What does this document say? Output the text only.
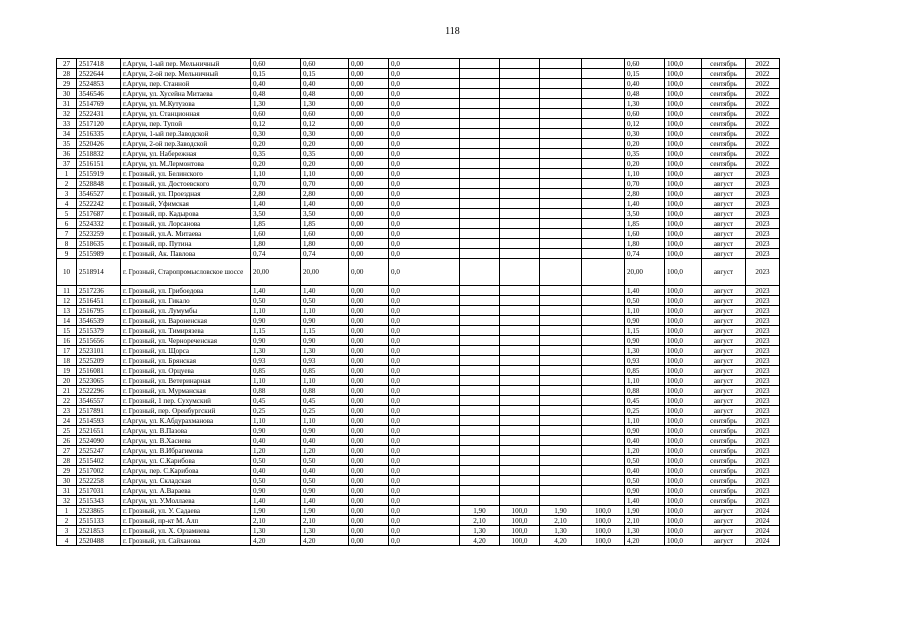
118
27	2517418	г.Аргун, 1-ый пер. Мельничный	0,60	0,60	0,00	0,0					0,60	100,0	сентябрь	2022
28	2522644	г.Аргун, 2-ой пер. Мельничный	0,15	0,15	0,00	0,0					0,15	100,0	сентябрь	2022
29	2524853	г.Аргун, пер. Станной	0,40	0,40	0,00	0,0					0,40	100,0	сентябрь	2022
30	3546546	г.Аргун, ул. Хусейна Митаева	0,48	0,48	0,00	0,0					0,48	100,0	сентябрь	2022
31	2514769	г.Аргун, ул. М.Кутузова	1,30	1,30	0,00	0,0					1,30	100,0	сентябрь	2022
32	2522431	г.Аргун, ул. Станционная	0,60	0,60	0,00	0,0					0,60	100,0	сентябрь	2022
33	2517120	г.Аргун, пер. Тупой	0,12	0,12	0,00	0,0					0,12	100,0	сентябрь	2022
34	2516335	г.Аргун, 1-ый пер.Заводской	0,30	0,30	0,00	0,0					0,30	100,0	сентябрь	2022
35	2520426	г.Аргун, 2-ой пер.Заводской	0,20	0,20	0,00	0,0					0,20	100,0	сентябрь	2022
36	2518832	г.Аргун, ул. Набережная	0,35	0,35	0,00	0,0					0,35	100,0	сентябрь	2022
37	2516151	г.Аргун, ул. М.Лермонтова	0,20	0,20	0,00	0,0					0,20	100,0	сентябрь	2022
1	2515919	г. Грозный, ул. Белинского	1,10	1,10	0,00	0,0					1,10	100,0	август	2023
2	2528848	г. Грозный, ул. Достоевского	0,70	0,70	0,00	0,0					0,70	100,0	август	2023
3	3546527	г. Грозный, ул. Проездная	2,80	2,80	0,00	0,0					2,80	100,0	август	2023
4	2522242	г. Грозный, Уфимская	1,40	1,40	0,00	0,0					1,40	100,0	август	2023
5	2517687	г. Грозный, пр. Кадырова	3,50	3,50	0,00	0,0					3,50	100,0	август	2023
6	2524332	г. Грозный, ул. Лорсанова	1,85	1,85	0,00	0,0					1,85	100,0	август	2023
7	2523259	г. Грозный, ул.А. Митаева	1,60	1,60	0,00	0,0					1,60	100,0	август	2023
8	2518635	г. Грозный, пр. Путина	1,80	1,80	0,00	0,0					1,80	100,0	август	2023
9	2515989	г. Грозный, Ак. Павлова	0,74	0,74	0,00	0,0					0,74	100,0	август	2023
10	2518914	г. Грозный, Старопромысловское шоссе	20,00	20,00	0,00	0,0					20,00	100,0	август	2023
11	2517236	г. Грозный, ул. Грибоедова	1,40	1,40	0,00	0,0					1,40	100,0	август	2023
12	2516451	г. Грозный, ул. Гикало	0,50	0,50	0,00	0,0					0,50	100,0	август	2023
13	2516795	г. Грозный, ул. Лумумбы	1,10	1,10	0,00	0,0					1,10	100,0	август	2023
14	3546539	г. Грозный, ул. Вароненская	0,90	0,90	0,00	0,0					0,90	100,0	август	2023
15	2515379	г. Грозный, ул. Тимирязева	1,15	1,15	0,00	0,0					1,15	100,0	август	2023
16	2515656	г. Грозный, ул. Чернореченская	0,90	0,90	0,00	0,0					0,90	100,0	август	2023
17	2523101	г. Грозный, ул. Щорса	1,30	1,30	0,00	0,0					1,30	100,0	август	2023
18	2525209	г. Грозный, ул. Брянская	0,93	0,93	0,00	0,0					0,93	100,0	август	2023
19	2516081	г. Грозный, ул. Орцуева	0,85	0,85	0,00	0,0					0,85	100,0	август	2023
20	2523065	г. Грозный, ул. Ветеринарная	1,10	1,10	0,00	0,0					1,10	100,0	август	2023
21	2522296	г. Грозный, ул. Мурманская	0,88	0,88	0,00	0,0					0,88	100,0	август	2023
22	3546557	г. Грозный, 1 пер. Сухумский	0,45	0,45	0,00	0,0					0,45	100,0	август	2023
23	2517891	г. Грозный, пер. Оренбургский	0,25	0,25	0,00	0,0					0,25	100,0	август	2023
24	2514593	г.Аргун, ул. К.Абдурахманова	1,10	1,10	0,00	0,0					1,10	100,0	сентябрь	2023
25	2521651	г.Аргун, ул. В.Пазова	0,90	0,90	0,00	0,0					0,90	100,0	сентябрь	2023
26	2524090	г.Аргун, ул. В.Хасиева	0,40	0,40	0,00	0,0					0,40	100,0	сентябрь	2023
27	2525247	г.Аргун, ул. В.Ибрагимова	1,20	1,20	0,00	0,0					1,20	100,0	сентябрь	2023
28	2515402	г.Аргун, ул. С.Карибова	0,50	0,50	0,00	0,0					0,50	100,0	сентябрь	2023
29	2517002	г.Аргун, пер. С.Карибова	0,40	0,40	0,00	0,0					0,40	100,0	сентябрь	2023
30	2522258	г.Аргун, ул. Складская	0,50	0,50	0,00	0,0					0,50	100,0	сентябрь	2023
31	2517031	г.Аргун, ул. А.Вараева	0,90	0,90	0,00	0,0					0,90	100,0	сентябрь	2023
32	2515343	г.Аргун, ул. У.Моллаева	1,40	1,40	0,00	0,0					1,40	100,0	сентябрь	2023
1	2523865	г. Грозный, ул. У. Садаева	1,90	1,90	0,00	0,0	1,90	100,0	1,90	100,0	1,90	100,0	август	2024
2	2515133	г. Грозный, пр-кт М. Алп	2,10	2,10	0,00	0,0	2,10	100,0	2,10	100,0	2,10	100,0	август	2024
3	2521853	г. Грозный, ул. Х. Орзамиева	1,30	1,30	0,00	0,0	1,30	100,0	1,30	100,0	1,30	100,0	август	2024
4	2520488	г. Грозный, ул. Сайханова	4,20	4,20	0,00	0,0	4,20	100,0	4,20	100,0	4,20	100,0	август	2024
